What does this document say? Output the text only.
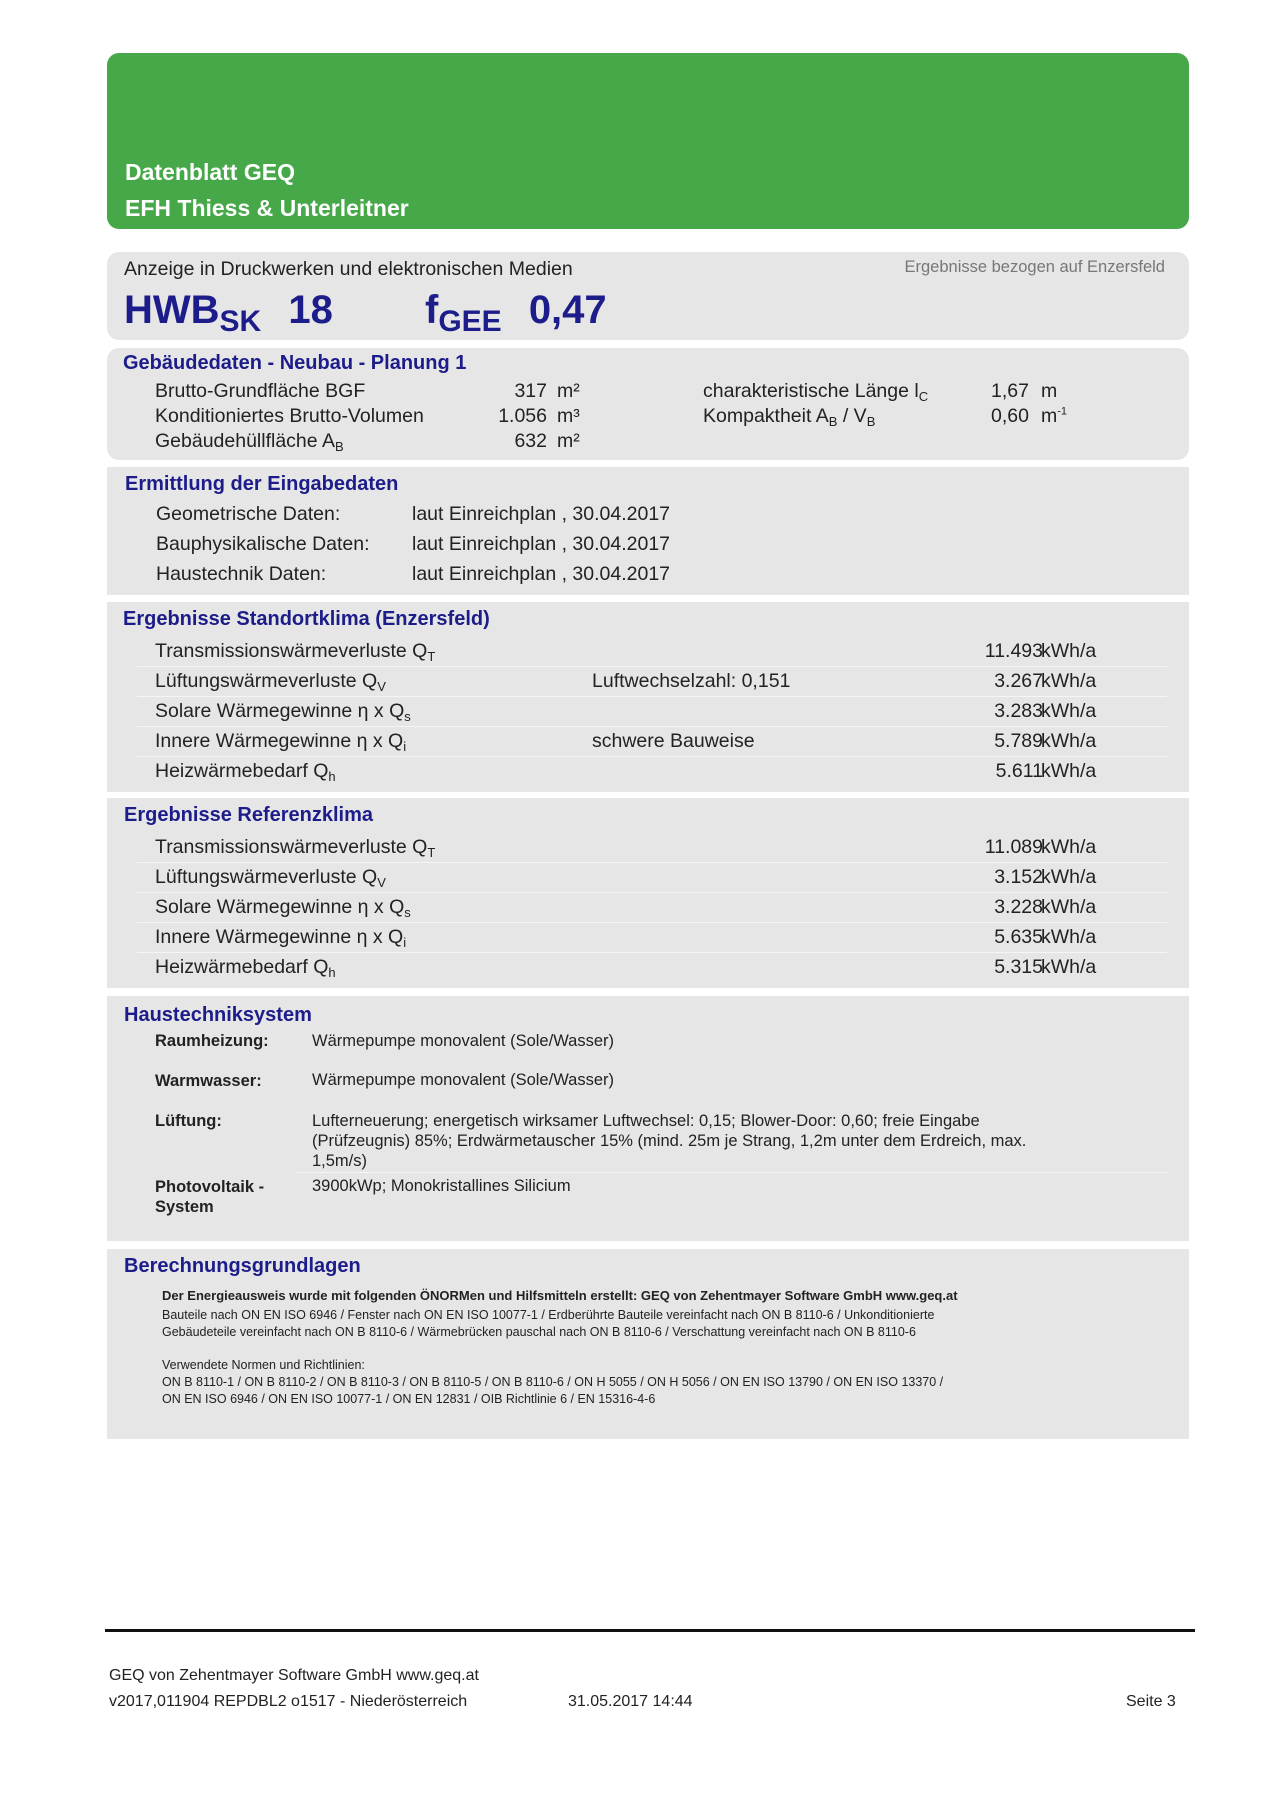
Datenblatt GEQ
EFH Thiess & Unterleitner
Anzeige in Druckwerken und elektronischen Medien	Ergebnisse bezogen auf Enzersfeld
$HWB_{SK}$ 18 $f_{GEE}$ 0,47
Gebäudedaten - Neubau - Planung 1
Brutto-Grundfläche BGF	317 m²
Konditioniertes Brutto-Volumen	1.056 m³
Gebäudehüllfläche $A_B$	632 m²
charakteristische Länge $l_C$	1,67 m
Kompaktheit $A_B / V_B$	0,60 $m^{-1}$
Ermittlung der Eingabedaten
Geometrische Daten:	laut Einreichplan , 30.04.2017
Bauphysikalische Daten: laut Einreichplan , 30.04.2017
Haustechnik Daten:	laut Einreichplan , 30.04.2017
Ergebnisse Standortklima (Enzersfeld)
Transmissionswärmeverluste $Q_T$	11.493
kWh/a
Lüftungswärmeverluste $Q_V$	Luftwechselzahl: 0,151	3.267
kWh/a
Solare Wärmegewinne η x $Q_s$	3.283
kWh/a
Innere Wärmegewinne η x $Q_i$	schwere Bauweise	5.789
kWh/a
Heizwärmebedarf $Q_h$	5.611
kWh/a
Ergebnisse Referenzklima
Transmissionswärmeverluste $Q_T$	11.089
kWh/a
Lüftungswärmeverluste $Q_V$	3.152
kWh/a
Solare Wärmegewinne η x $Q_s$	3.228
kWh/a
Innere Wärmegewinne η x $Q_i$	5.635
kWh/a
Heizwärmebedarf $Q_h$	5.315
kWh/a
Haustechniksystem
Raumheizung:	Wärmepumpe monovalent (Sole/Wasser)
Warmwasser:	Wärmepumpe monovalent (Sole/Wasser)
Lüftung:	Lufterneuerung; energetisch wirksamer Luftwechsel: 0,15; Blower-Door: 0,60; freie Eingabe
(Prüfzeugnis) 85%; Erdwärmetauscher 15% (mind. 25m je Strang, 1,2m unter dem Erdreich, max.
1,5m/s)
Photovoltaik -
System
3900kWp; Monokristallines Silicium
Berechnungsgrundlagen
Der Energieausweis wurde mit folgenden ÖNORMen und Hilfsmitteln erstellt: GEQ von Zehentmayer Software GmbH www.geq.at
Bauteile nach ON EN ISO 6946 / Fenster nach ON EN ISO 10077-1 / Erdberührte Bauteile vereinfacht nach ON B 8110-6 / Unkonditionierte
Gebäudeteile vereinfacht nach ON B 8110-6 / Wärmebrücken pauschal nach ON B 8110-6 / Verschattung vereinfacht nach ON B 8110-6
Verwendete Normen und Richtlinien:
ON B 8110-1 / ON B 8110-2 / ON B 8110-3 / ON B 8110-5 / ON B 8110-6 / ON H 5055 / ON H 5056 / ON EN ISO 13790 / ON EN ISO 13370 /
ON EN ISO 6946 / ON EN ISO 10077-1 / ON EN 12831 / OIB Richtlinie 6 / EN 15316-4-6
GEQ von Zehentmayer Software GmbH www.geq.at
v2017,011904 REPDBL2 o1517 - Niederösterreich	31.05.2017 14:44	Seite 3
